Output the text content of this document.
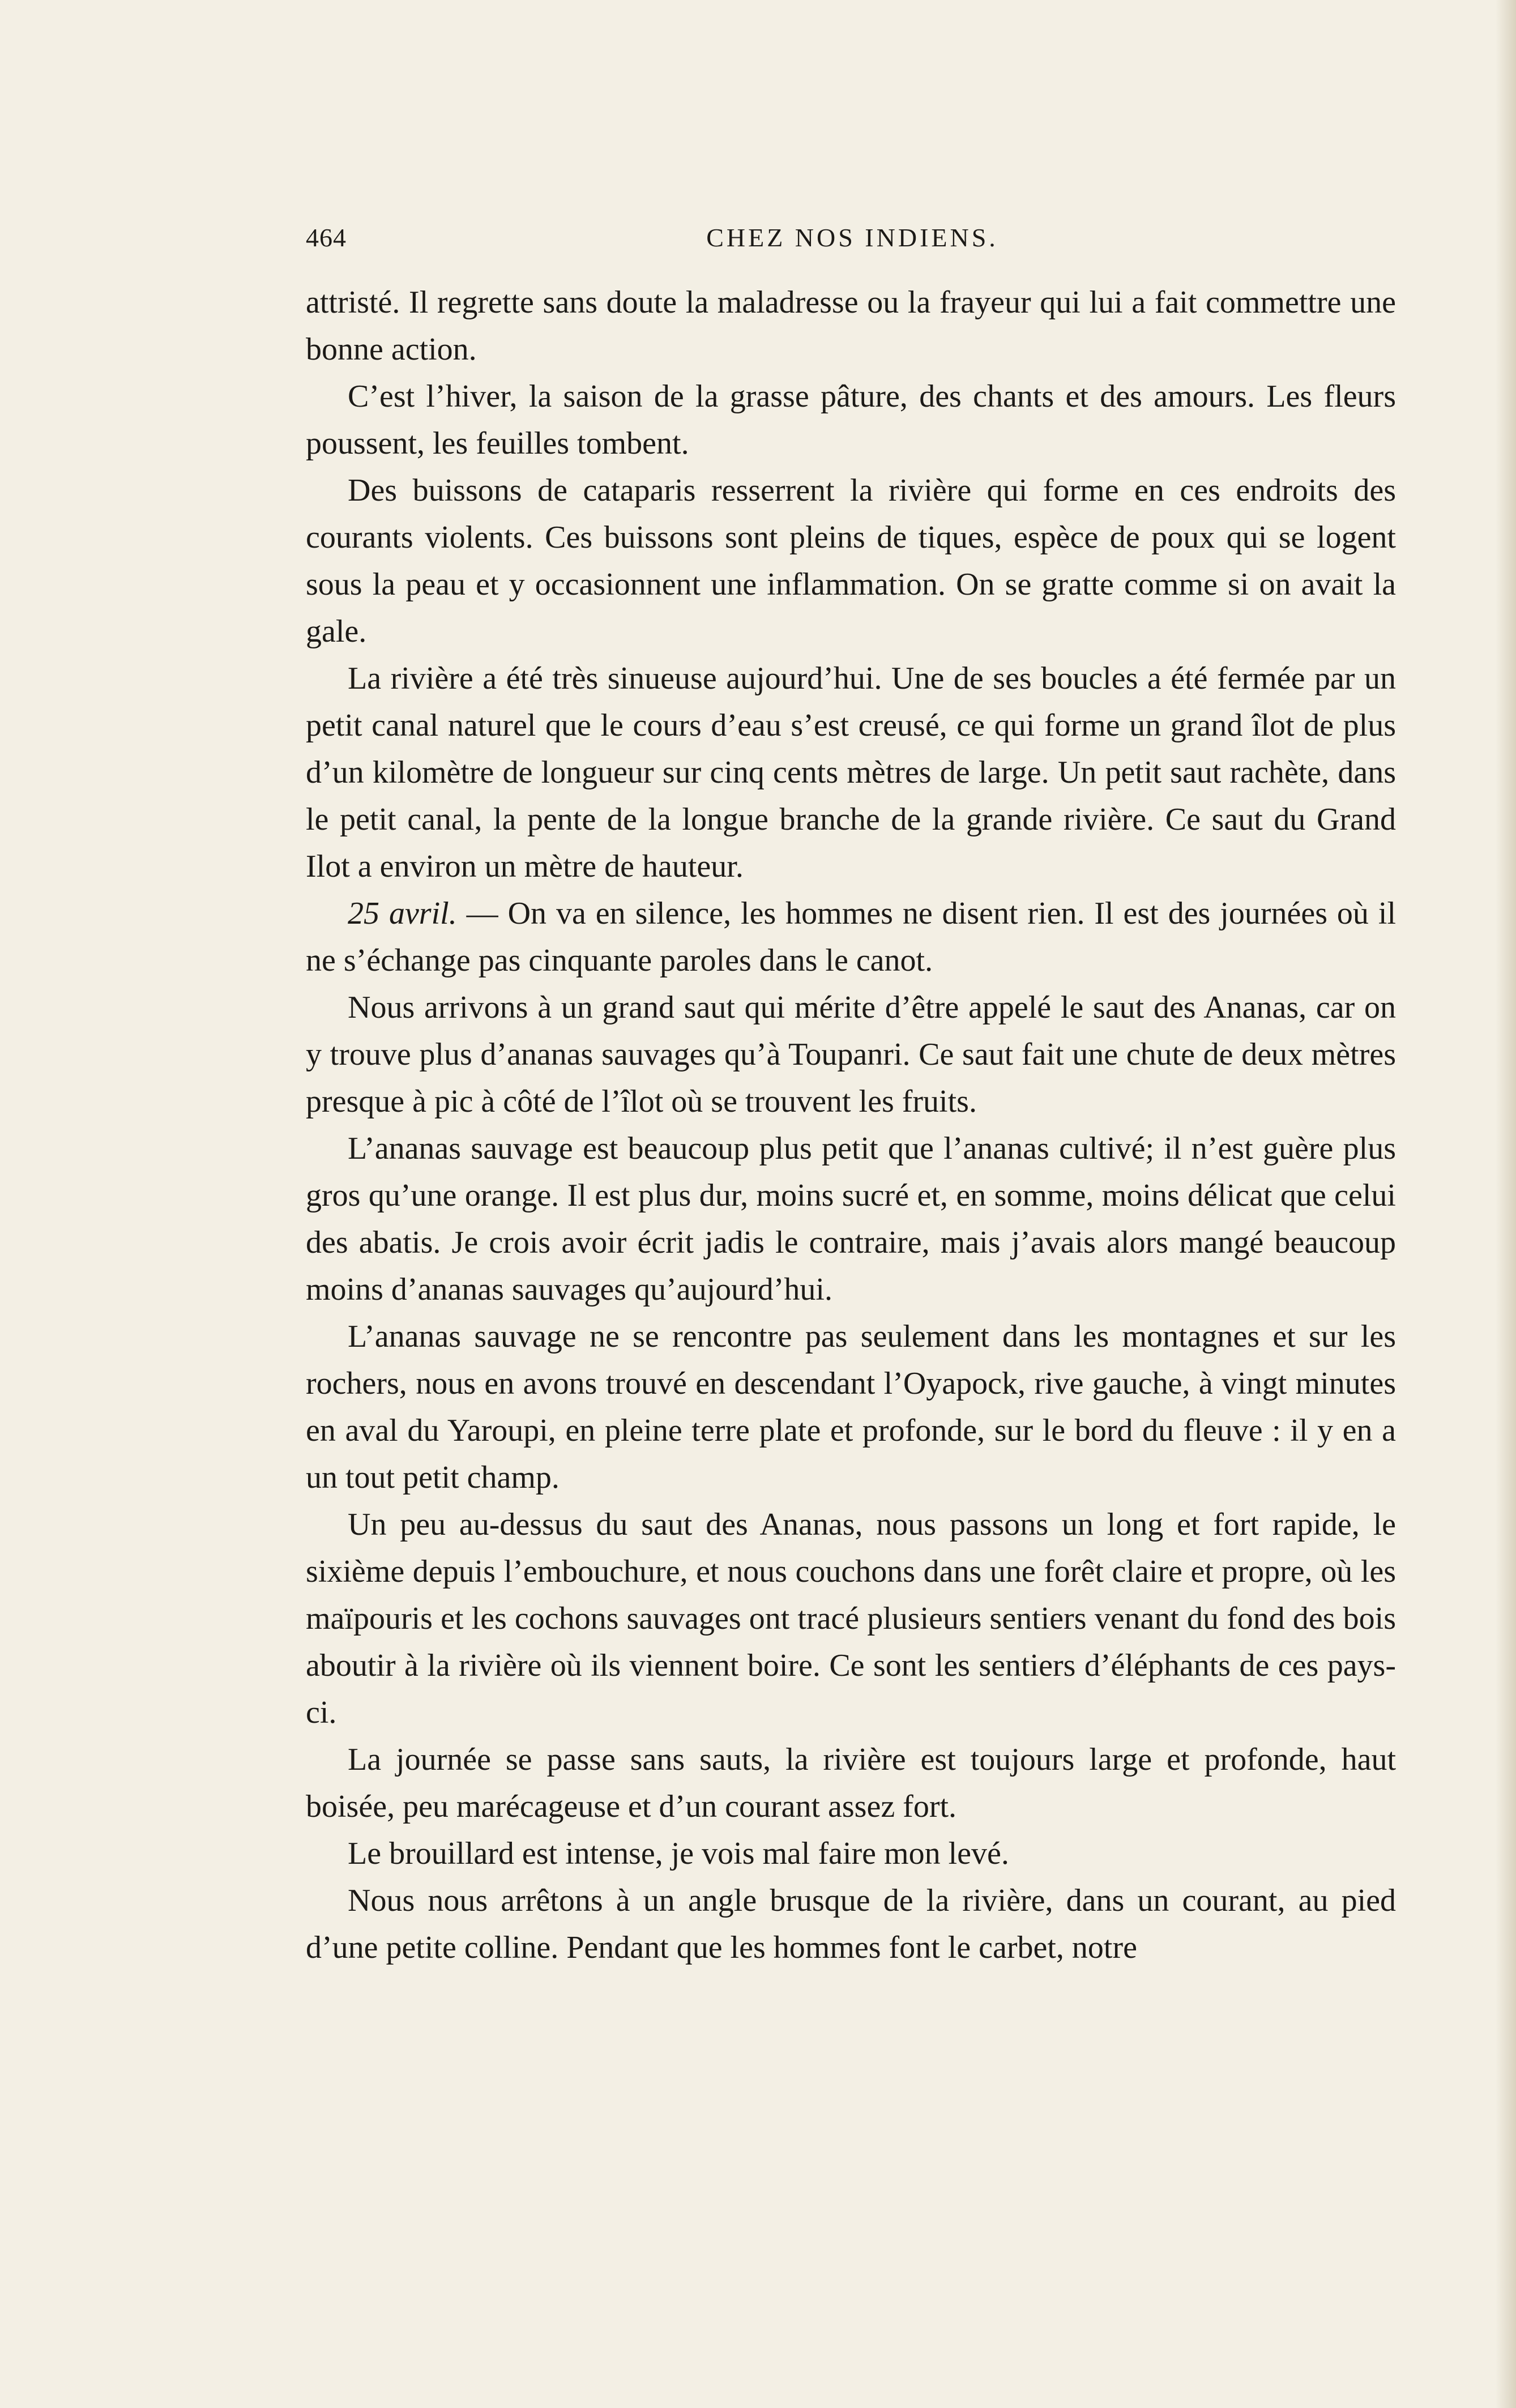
464	CHEZ NOS INDIENS.

attristé. Il regrette sans doute la maladresse ou la frayeur qui lui a fait commettre une bonne action.

C’est l’hiver, la saison de la grasse pâture, des chants et des amours. Les fleurs poussent, les feuilles tombent.

Des buissons de cataparis resserrent la rivière qui forme en ces endroits des courants violents. Ces buissons sont pleins de tiques, espèce de poux qui se logent sous la peau et y occasionnent une inflammation. On se gratte comme si on avait la gale.

La rivière a été très sinueuse aujourd’hui. Une de ses boucles a été fermée par un petit canal naturel que le cours d’eau s’est creusé, ce qui forme un grand îlot de plus d’un kilomètre de longueur sur cinq cents mètres de large. Un petit saut rachète, dans le petit canal, la pente de la longue branche de la grande rivière. Ce saut du Grand Ilot a environ un mètre de hauteur.

25 avril. — On va en silence, les hommes ne disent rien. Il est des journées où il ne s’échange pas cinquante paroles dans le canot.

Nous arrivons à un grand saut qui mérite d’être appelé le saut des Ananas, car on y trouve plus d’ananas sauvages qu’à Toupanri. Ce saut fait une chute de deux mètres presque à pic à côté de l’îlot où se trouvent les fruits.

L’ananas sauvage est beaucoup plus petit que l’ananas cultivé; il n’est guère plus gros qu’une orange. Il est plus dur, moins sucré et, en somme, moins délicat que celui des abatis. Je crois avoir écrit jadis le contraire, mais j’avais alors mangé beaucoup moins d’ananas sauvages qu’aujourd’hui.

L’ananas sauvage ne se rencontre pas seulement dans les montagnes et sur les rochers, nous en avons trouvé en descendant l’Oyapock, rive gauche, à vingt minutes en aval du Yaroupi, en pleine terre plate et profonde, sur le bord du fleuve : il y en a un tout petit champ.

Un peu au-dessus du saut des Ananas, nous passons un long et fort rapide, le sixième depuis l’embouchure, et nous couchons dans une forêt claire et propre, où les maïpouris et les cochons sauvages ont tracé plusieurs sentiers venant du fond des bois aboutir à la rivière où ils viennent boire. Ce sont les sentiers d’éléphants de ces pays-ci.

La journée se passe sans sauts, la rivière est toujours large et profonde, haut boisée, peu marécageuse et d’un courant assez fort.

Le brouillard est intense, je vois mal faire mon levé.

Nous nous arrêtons à un angle brusque de la rivière, dans un courant, au pied d’une petite colline. Pendant que les hommes font le carbet, notre
